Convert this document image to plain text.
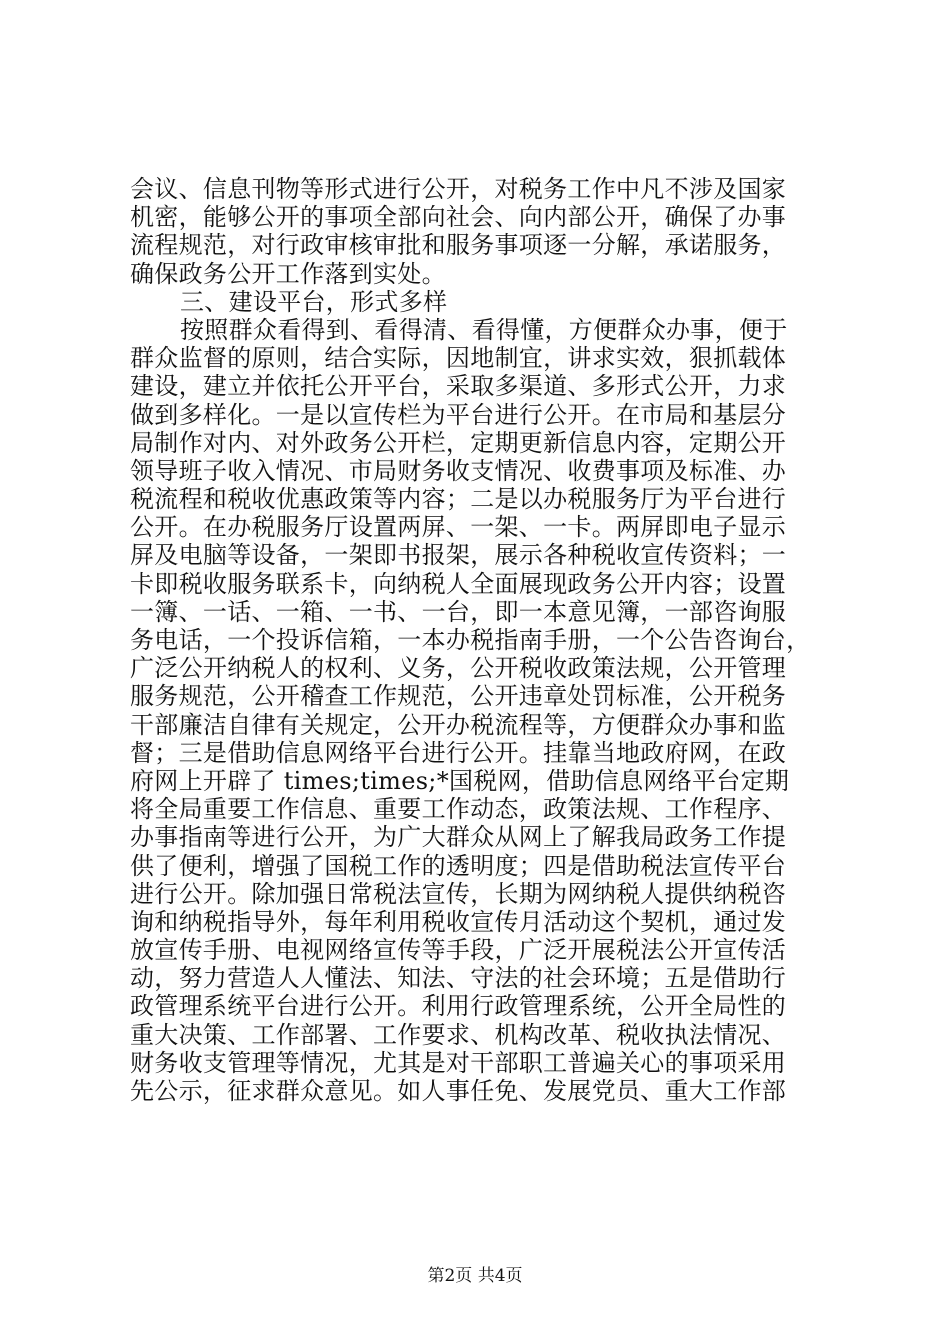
会议、信息刊物等形式进行公开，对税务工作中凡不涉及国家
机密，能够公开的事项全部向社会、向内部公开，确保了办事
流程规范，对行政审核审批和服务事项逐一分解，承诺服务，
确保政务公开工作落到实处。
三、建设平台，形式多样
按照群众看得到、看得清、看得懂，方便群众办事，便于
群众监督的原则，结合实际，因地制宜，讲求实效，狠抓载体
建设，建立并依托公开平台，采取多渠道、多形式公开，力求
做到多样化。一是以宣传栏为平台进行公开。在市局和基层分
局制作对内、对外政务公开栏，定期更新信息内容，定期公开
领导班子收入情况、市局财务收支情况、收费事项及标准、办
税流程和税收优惠政策等内容；二是以办税服务厅为平台进行
公开。在办税服务厅设置两屏、一架、一卡。两屏即电子显示
屏及电脑等设备，一架即书报架，展示各种税收宣传资料；一
卡即税收服务联系卡，向纳税人全面展现政务公开内容；设置
一簿、一话、一箱、一书、一台，即一本意见簿，一部咨询服
务电话，一个投诉信箱，一本办税指南手册，一个公告咨询台，
广泛公开纳税人的权利、义务，公开税收政策法规，公开管理
服务规范，公开稽查工作规范，公开违章处罚标准，公开税务
干部廉洁自律有关规定，公开办税流程等，方便群众办事和监
督；三是借助信息网络平台进行公开。挂靠当地政府网，在政
府网上开辟了 times;times;*国税网，借助信息网络平台定期
将全局重要工作信息、重要工作动态，政策法规、工作程序、
办事指南等进行公开，为广大群众从网上了解我局政务工作提
供了便利，增强了国税工作的透明度；四是借助税法宣传平台
进行公开。除加强日常税法宣传，长期为网纳税人提供纳税咨
询和纳税指导外，每年利用税收宣传月活动这个契机，通过发
放宣传手册、电视网络宣传等手段，广泛开展税法公开宣传活
动，努力营造人人懂法、知法、守法的社会环境；五是借助行
政管理系统平台进行公开。利用行政管理系统，公开全局性的
重大决策、工作部署、工作要求、机构改革、税收执法情况、
财务收支管理等情况，尤其是对干部职工普遍关心的事项采用
先公示，征求群众意见。如人事任免、发展党员、重大工作部
第2页 共4页
